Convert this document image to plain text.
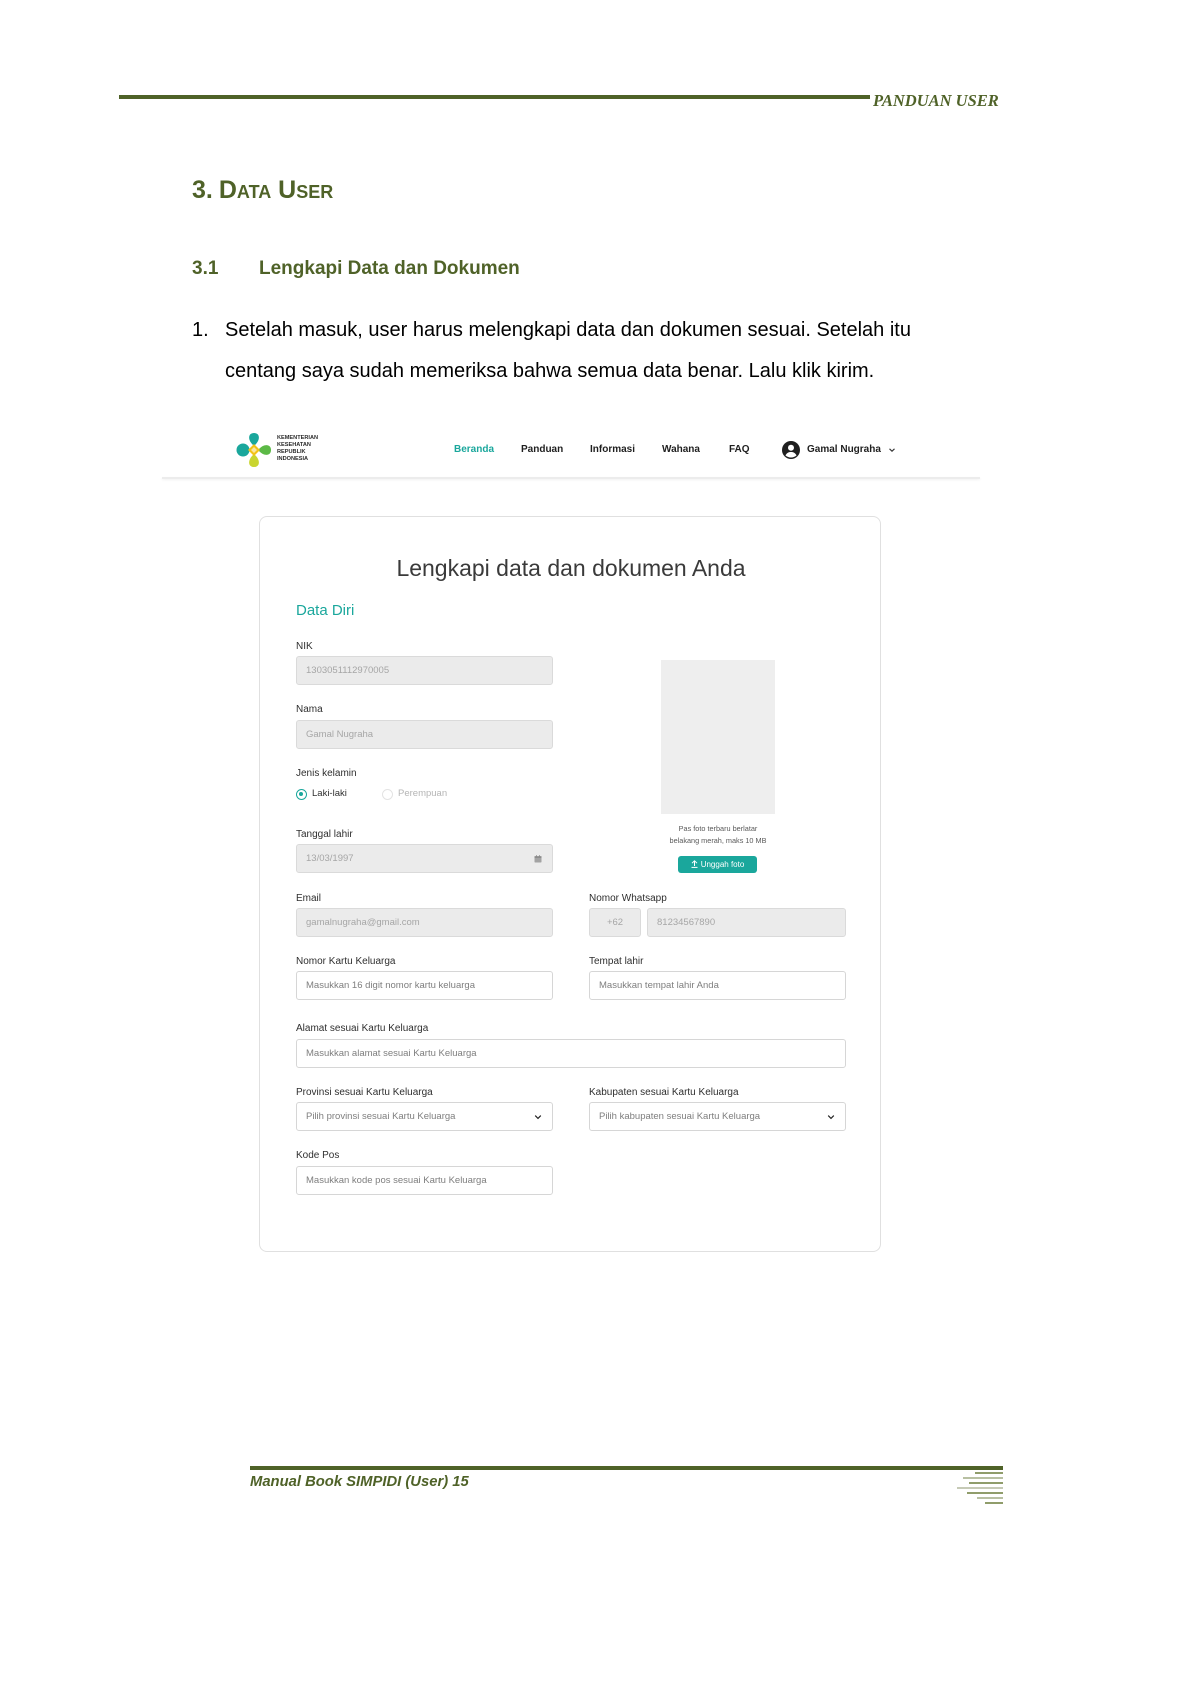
PANDUAN USER
3. Data User
3.1 Lengkapi Data dan Dokumen
1. Setelah masuk, user harus melengkapi data dan dokumen sesuai. Setelah itu
centang saya sudah memeriksa bahwa semua data benar. Lalu klik kirim.
KEMENTERIAN
KESEHATAN
REPUBLIK
INDONESIA
Beranda	Panduan	Informasi	Wahana	FAQ	Gamal Nugraha
Lengkapi data dan dokumen Anda
Data Diri
NIK
1303051112970005
Nama
Gamal Nugraha
Jenis kelamin
Laki-laki	Perempuan
Tanggal lahir
13/03/1997
Pas foto terbaru berlatar
belakang merah, maks 10 MB
Unggah foto
Email
gamalnugraha@gmail.com
Nomor Whatsapp
+62	81234567890
Nomor Kartu Keluarga
Masukkan 16 digit nomor kartu keluarga
Tempat lahir
Masukkan tempat lahir Anda
Alamat sesuai Kartu Keluarga
Masukkan alamat sesuai Kartu Keluarga
Provinsi sesuai Kartu Keluarga
Pilih provinsi sesuai Kartu Keluarga
Kabupaten sesuai Kartu Keluarga
Pilih kabupaten sesuai Kartu Keluarga
Kode Pos
Masukkan kode pos sesuai Kartu Keluarga
Manual Book SIMPIDI (User) 15
